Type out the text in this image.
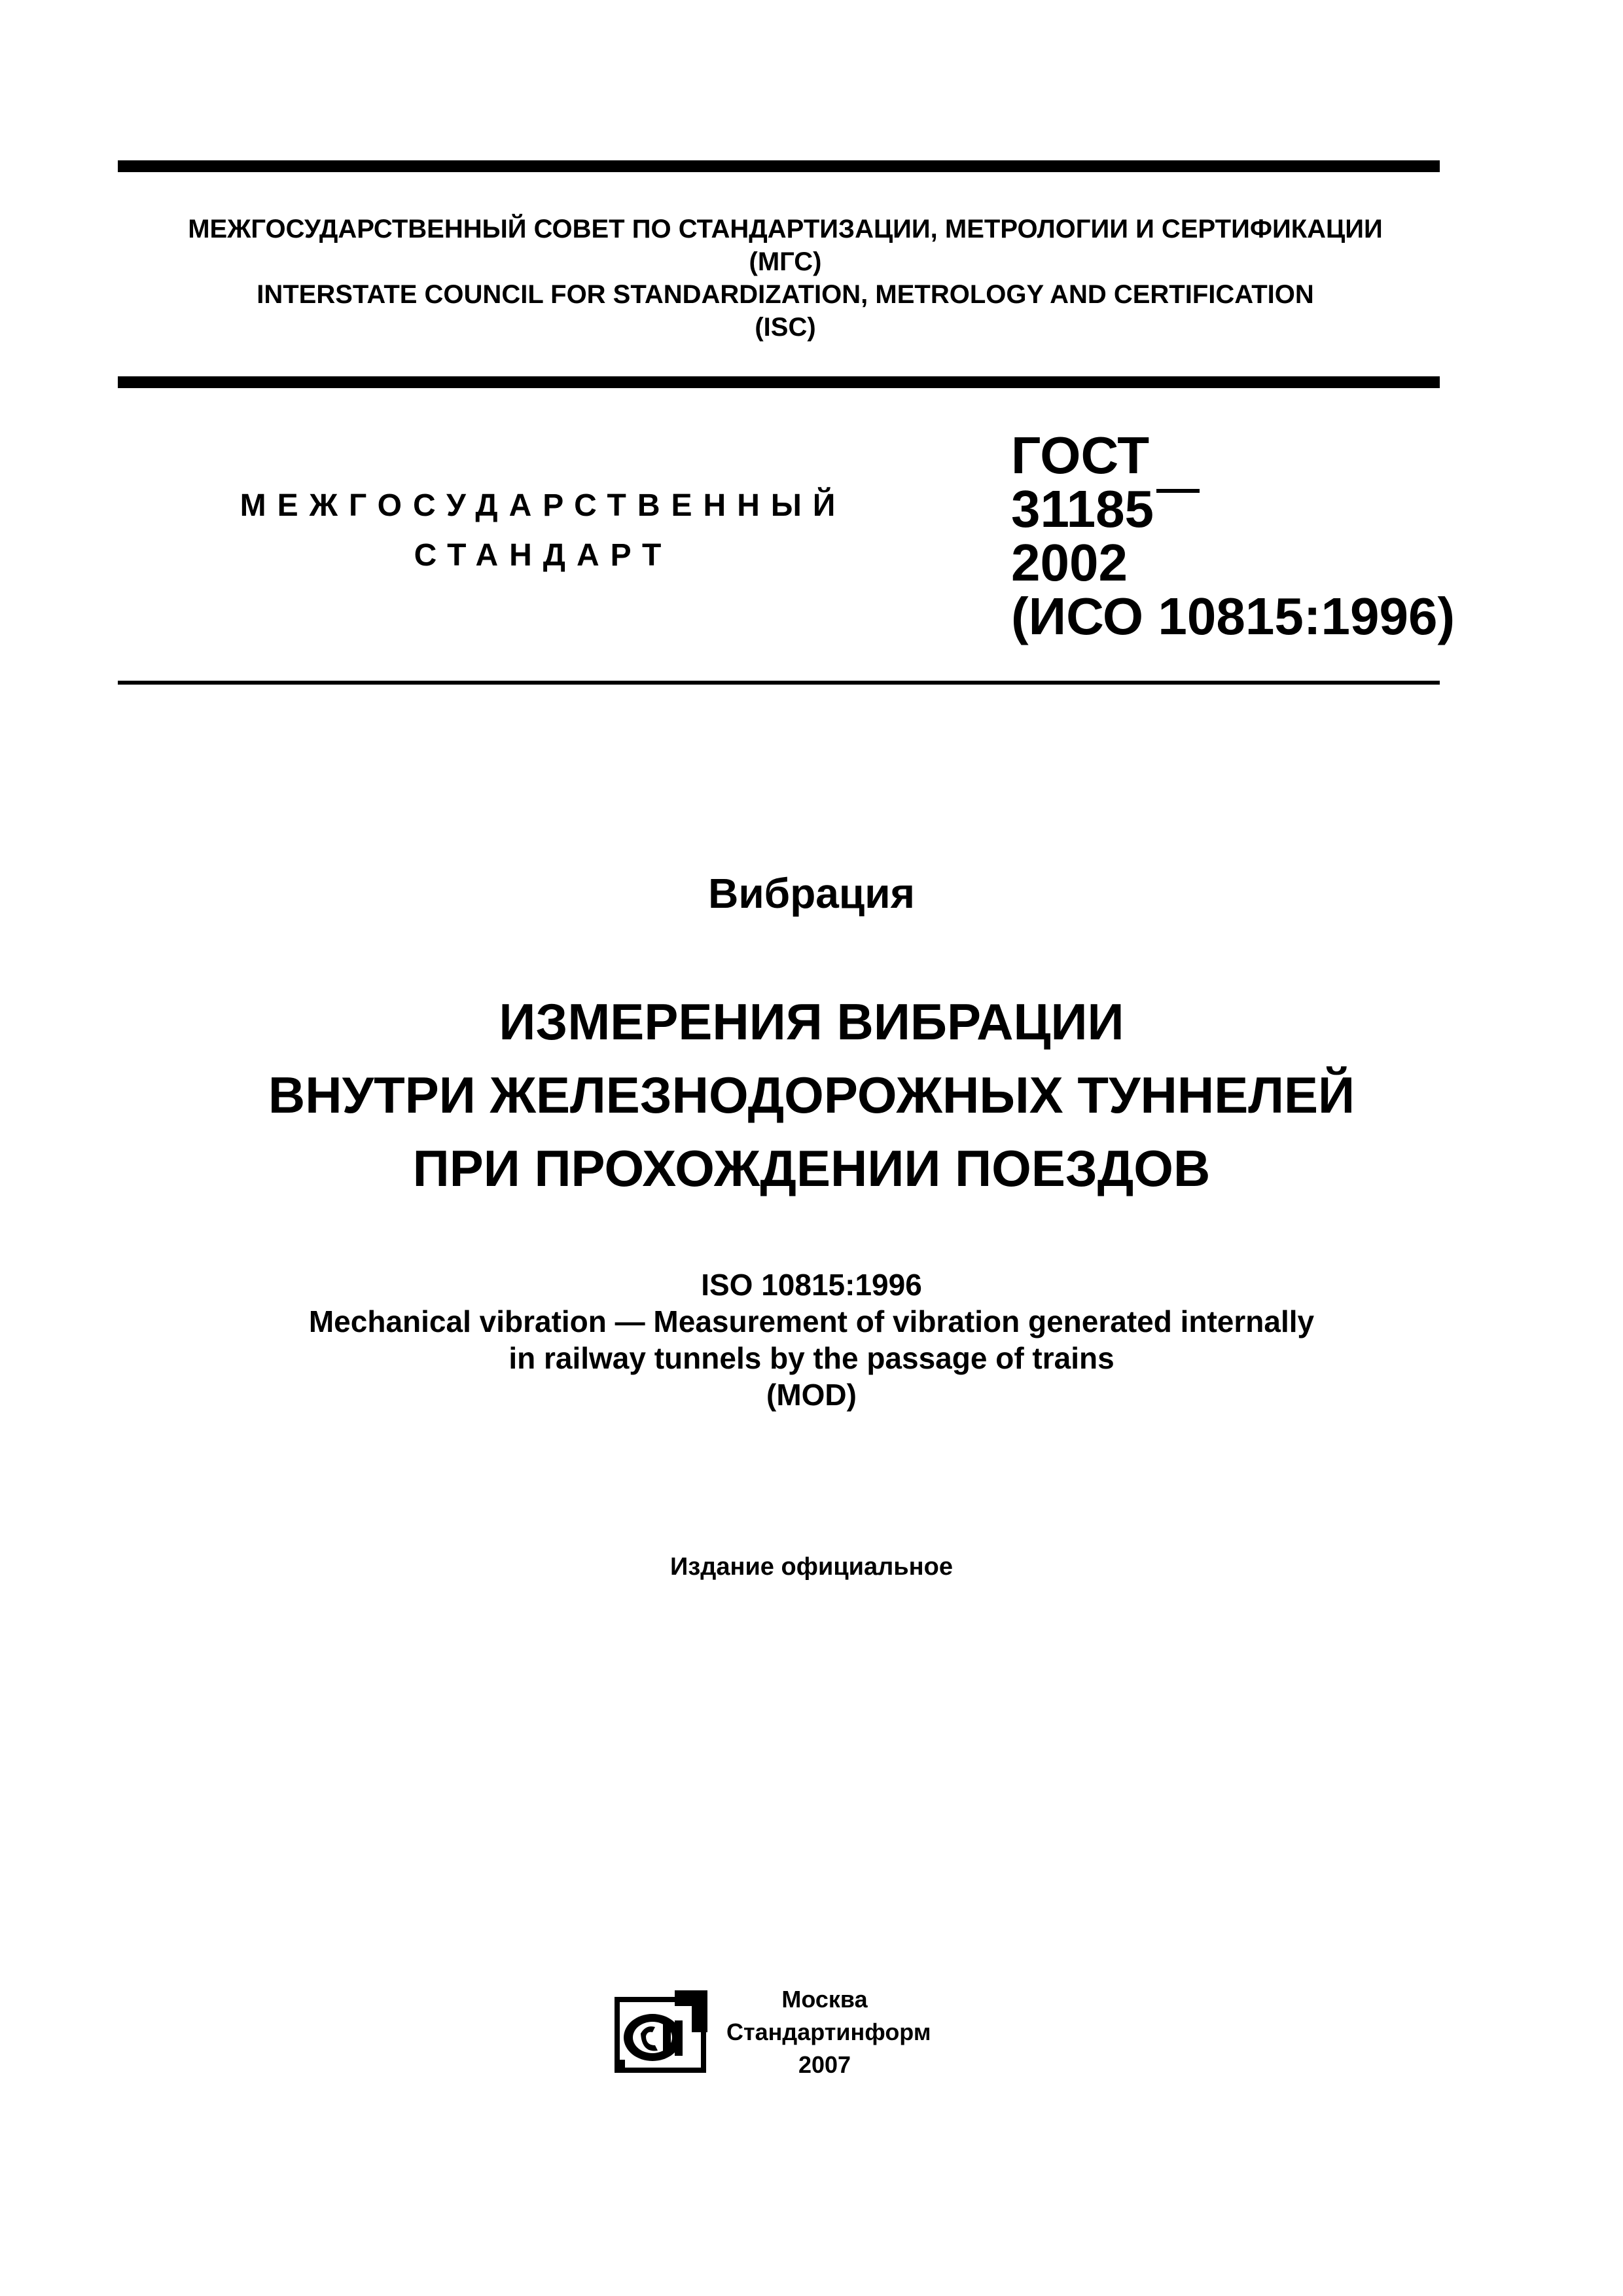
МЕЖГОСУДАРСТВЕННЫЙ СОВЕТ ПО СТАНДАРТИЗАЦИИ, МЕТРОЛОГИИ И СЕРТИФИКАЦИИ
(МГС)
INTERSTATE COUNCIL FOR STANDARDIZATION, METROLOGY AND CERTIFICATION
(ISC)
МЕЖГОСУДАРСТВЕННЫЙ
СТАНДАРТ
ГОСТ
31185
2002
(ИСО 10815:1996)
Вибрация
ИЗМЕРЕНИЯ ВИБРАЦИИ
ВНУТРИ ЖЕЛЕЗНОДОРОЖНЫХ ТУННЕЛЕЙ
ПРИ ПРОХОЖДЕНИИ ПОЕЗДОВ
ISO 10815:1996
Mechanical vibration — Measurement of vibration generated internally
in railway tunnels by the passage of trains
(MOD)
Издание официальное
Москва
Стандартинформ
2007
